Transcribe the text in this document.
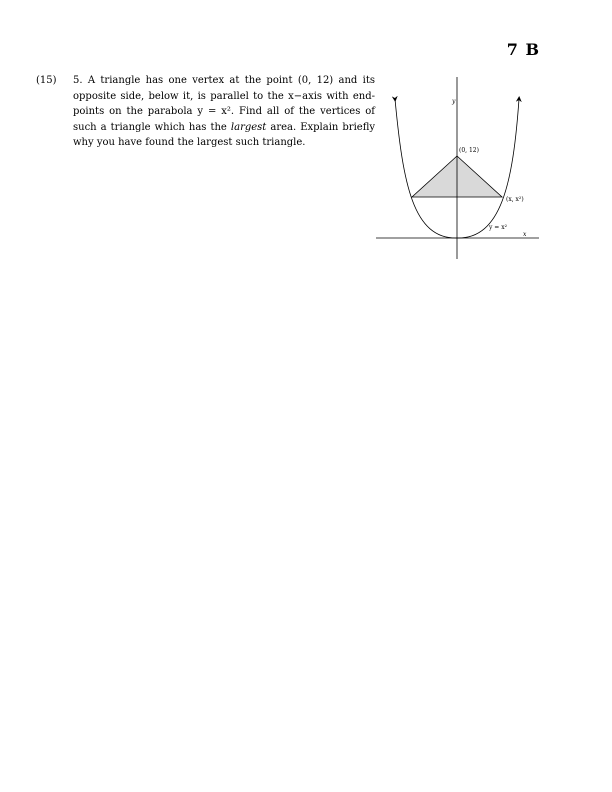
7 B
(15) 5. A triangle has one vertex at the point (0, 12) and its opposite side, below it, is parallel to the x−axis with end-points on the parabola y = x². Find all of the vertices of such a triangle which has the largest area. Explain briefly why you have found the largest such triangle.
y
x
(0, 12)
(x, x²)
y = x²
